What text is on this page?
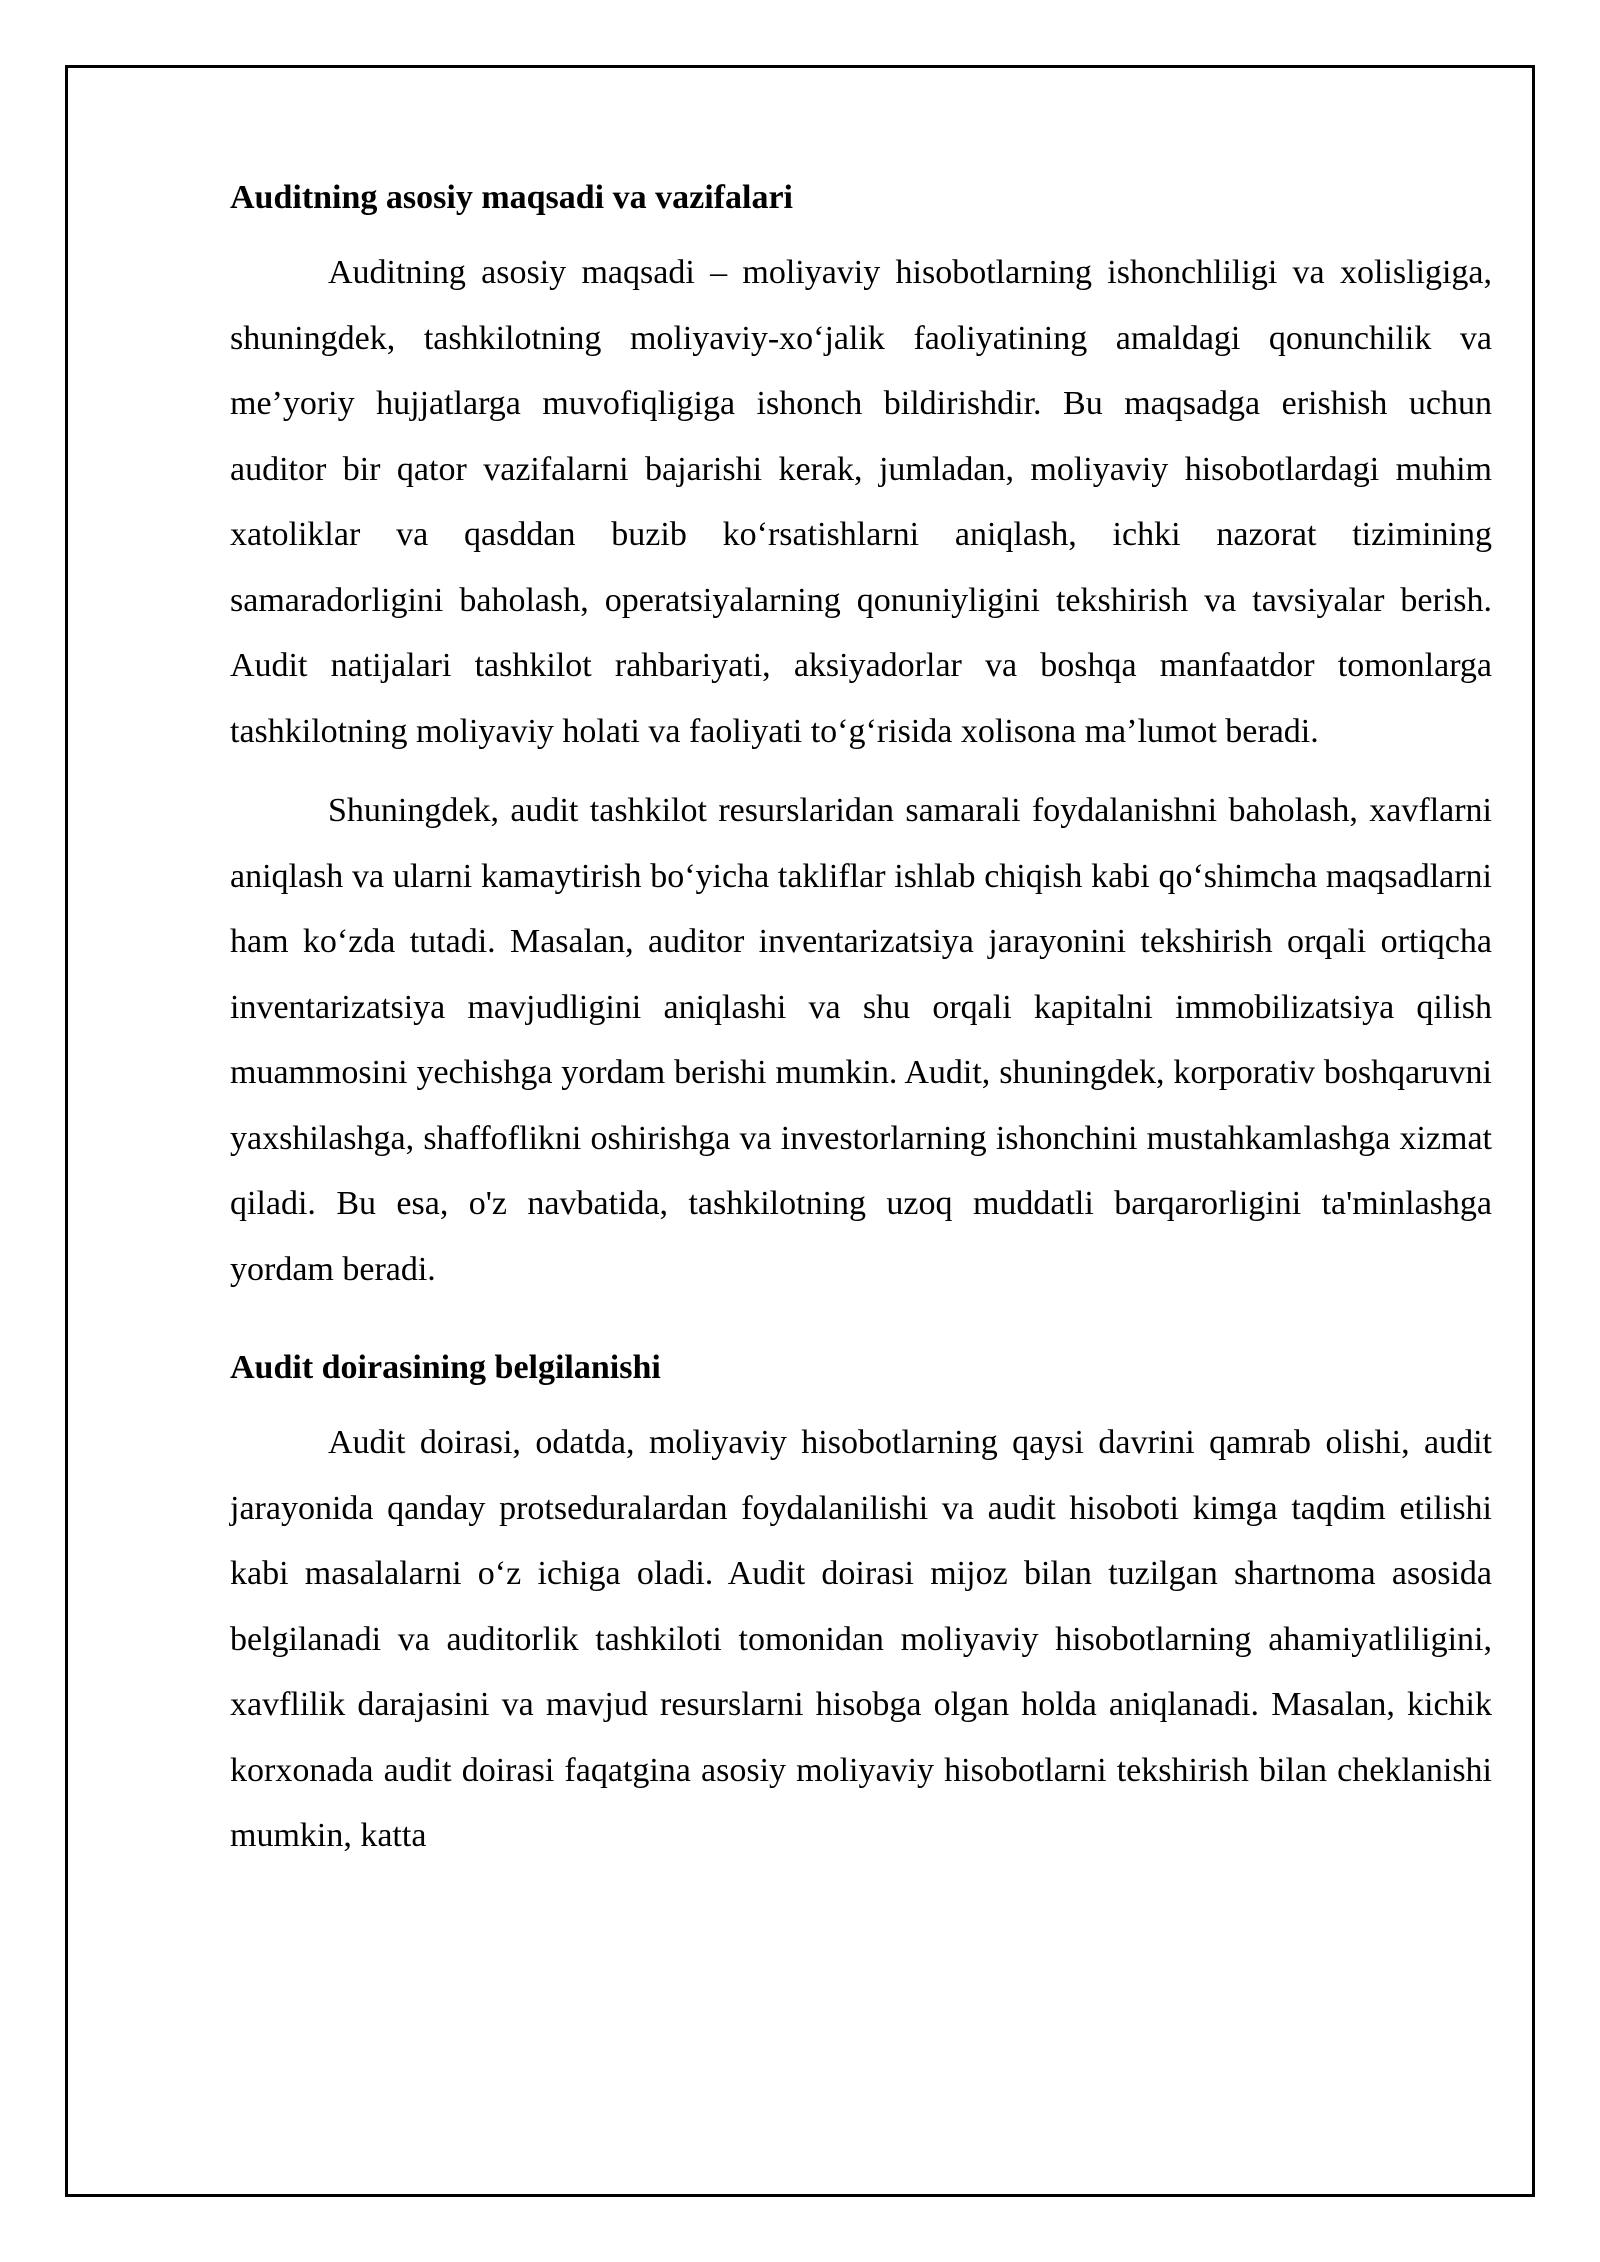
Auditning asosiy maqsadi va vazifalari

Auditning asosiy maqsadi – moliyaviy hisobotlarning ishonchliligi va xolisligiga, shuningdek, tashkilotning moliyaviy-xo‘jalik faoliyatining amaldagi qonunchilik va me’yoriy hujjatlarga muvofiqligiga ishonch bildirishdir. Bu maqsadga erishish uchun auditor bir qator vazifalarni bajarishi kerak, jumladan, moliyaviy hisobotlardagi muhim xatoliklar va qasddan buzib ko‘rsatishlarni aniqlash, ichki nazorat tizimining samaradorligini baholash, operatsiyalarning qonuniyligini tekshirish va tavsiyalar berish. Audit natijalari tashkilot rahbariyati, aksiyadorlar va boshqa manfaatdor tomonlarga tashkilotning moliyaviy holati va faoliyati to‘g‘risida xolisona ma’lumot beradi.

Shuningdek, audit tashkilot resurslaridan samarali foydalanishni baholash, xavflarni aniqlash va ularni kamaytirish bo‘yicha takliflar ishlab chiqish kabi qo‘shimcha maqsadlarni ham ko‘zda tutadi. Masalan, auditor inventarizatsiya jarayonini tekshirish orqali ortiqcha inventarizatsiya mavjudligini aniqlashi va shu orqali kapitalni immobilizatsiya qilish muammosini yechishga yordam berishi mumkin. Audit, shuningdek, korporativ boshqaruvni yaxshilashga, shaffoflikni oshirishga va investorlarning ishonchini mustahkamlashga xizmat qiladi. Bu esa, o'z navbatida, tashkilotning uzoq muddatli barqarorligini ta'minlashga yordam beradi.

Audit doirasining belgilanishi

Audit doirasi, odatda, moliyaviy hisobotlarning qaysi davrini qamrab olishi, audit jarayonida qanday protseduralardan foydalanilishi va audit hisoboti kimga taqdim etilishi kabi masalalarni o‘z ichiga oladi. Audit doirasi mijoz bilan tuzilgan shartnoma asosida belgilanadi va auditorlik tashkiloti tomonidan moliyaviy hisobotlarning ahamiyatliligini, xavflilik darajasini va mavjud resurslarni hisobga olgan holda aniqlanadi. Masalan, kichik korxonada audit doirasi faqatgina asosiy moliyaviy hisobotlarni tekshirish bilan cheklanishi mumkin, katta
